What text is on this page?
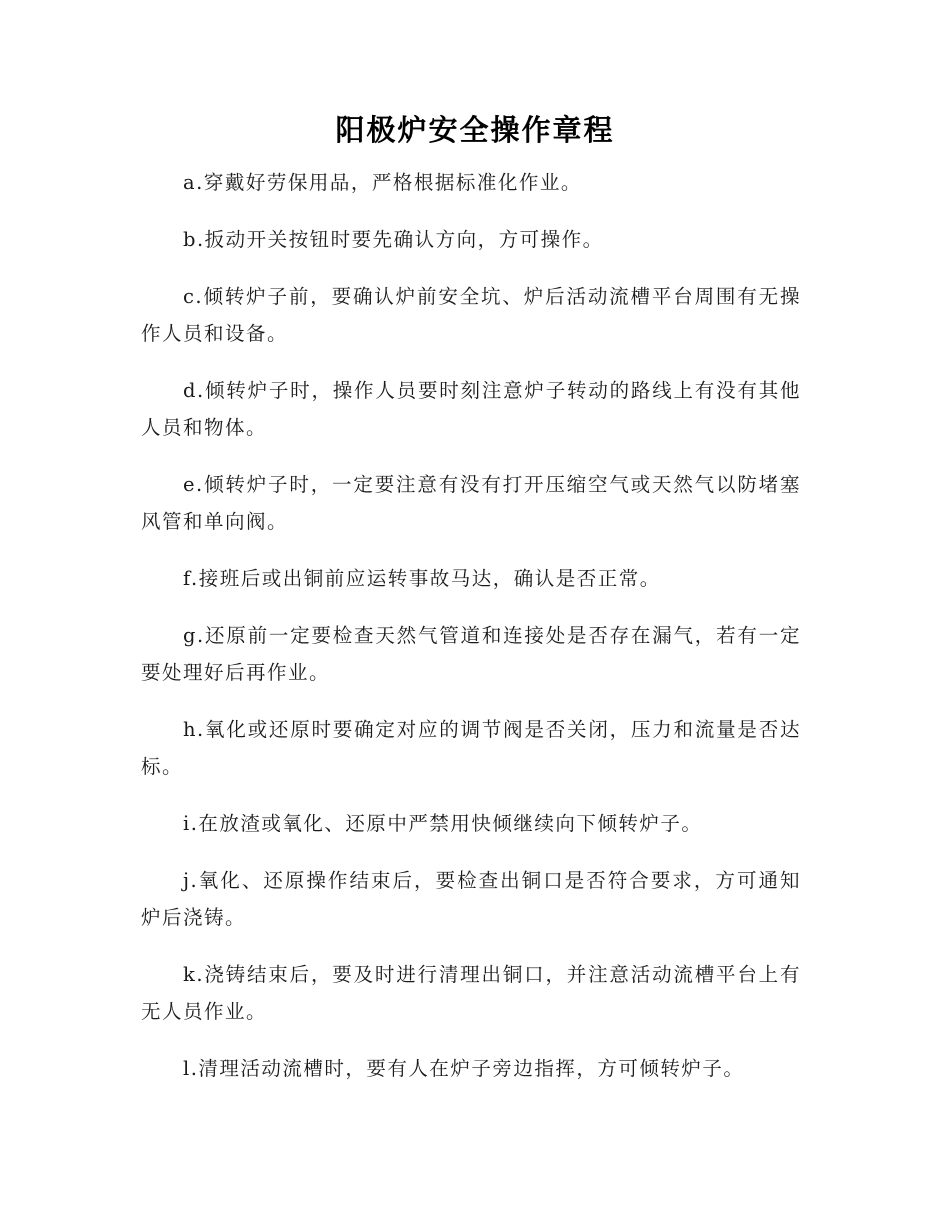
阳极炉安全操作章程

a.穿戴好劳保用品，严格根据标准化作业。

b.扳动开关按钮时要先确认方向，方可操作。

c.倾转炉子前，要确认炉前安全坑、炉后活动流槽平台周围有无操作人员和设备。

d.倾转炉子时，操作人员要时刻注意炉子转动的路线上有没有其他人员和物体。

e.倾转炉子时，一定要注意有没有打开压缩空气或天然气以防堵塞风管和单向阀。

f.接班后或出铜前应运转事故马达，确认是否正常。

g.还原前一定要检查天然气管道和连接处是否存在漏气，若有一定要处理好后再作业。

h.氧化或还原时要确定对应的调节阀是否关闭，压力和流量是否达标。

i.在放渣或氧化、还原中严禁用快倾继续向下倾转炉子。

j.氧化、还原操作结束后，要检查出铜口是否符合要求，方可通知炉后浇铸。

k.浇铸结束后，要及时进行清理出铜口，并注意活动流槽平台上有无人员作业。

l.清理活动流槽时，要有人在炉子旁边指挥，方可倾转炉子。
